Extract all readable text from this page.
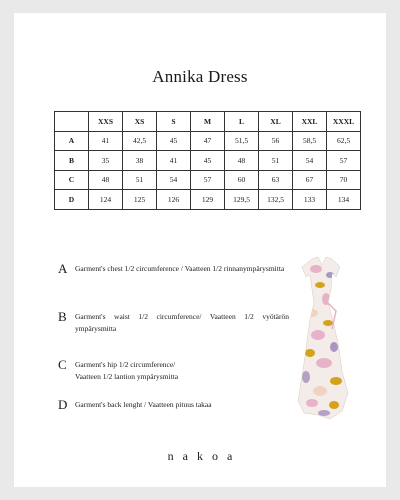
Annika Dress
	XXS	XS	S	M	L	XL	XXL	XXXL
A	41	42,5	45	47	51,5	56	58,5	62,5
B	35	38	41	45	48	51	54	57
C	48	51	54	57	60	63	67	70
D	124	125	126	129	129,5	132,5	133	134
A Garment's chest 1/2 circumference / Vaatteen 1/2 rinnanympärysmitta
B Garment's waist 1/2 circumference/ Vaatteen 1/2 vyötärön ympärysmitta
C Garment's hip 1/2 circumference/
Vaatteen 1/2 lantion ympärysmitta
D Garment's back lenght / Vaatteen pituus takaa
nakoa
